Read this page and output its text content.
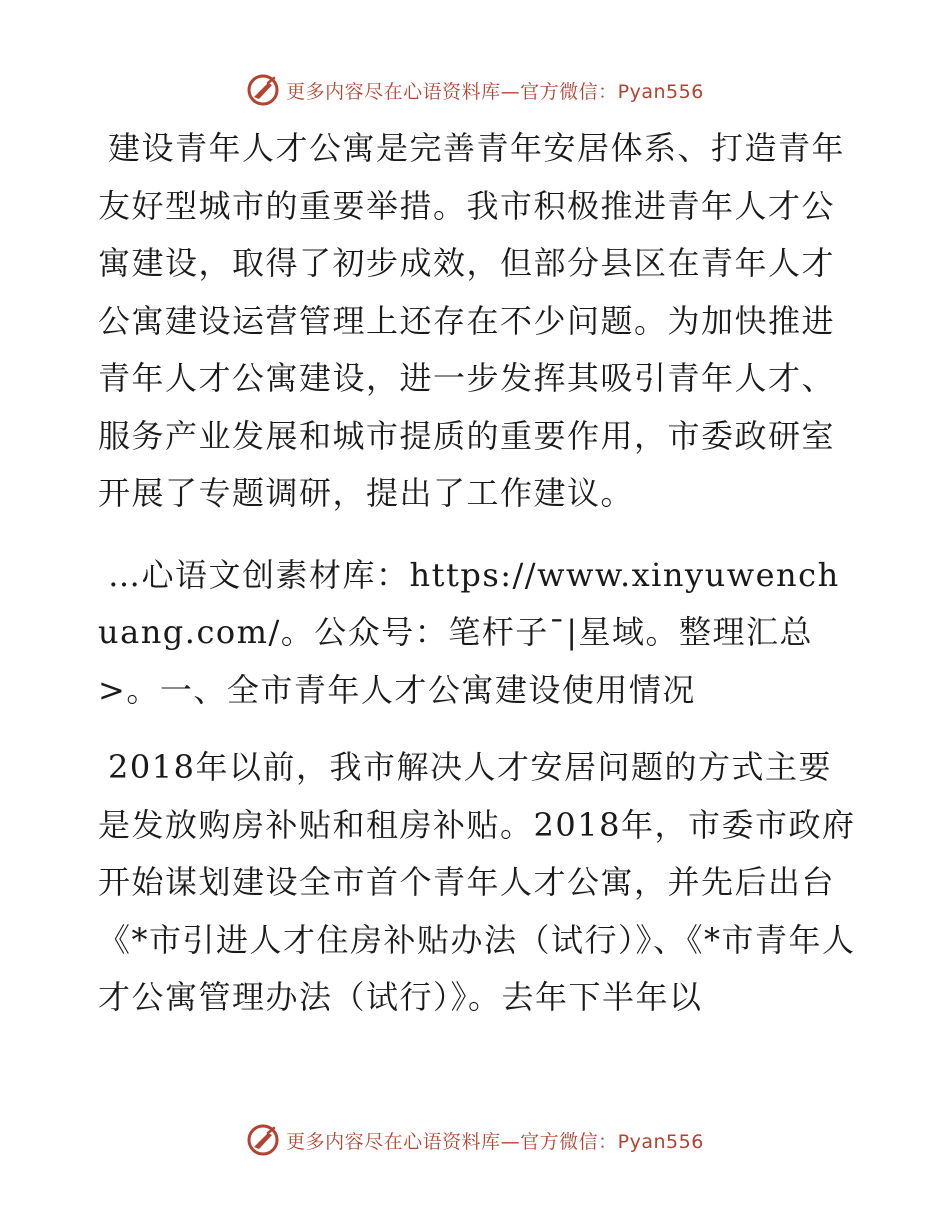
更多内容尽在心语资料库—官方微信：Pyan556

建设青年人才公寓是完善青年安居体系、打造青年友好型城市的重要举措。我市积极推进青年人才公寓建设，取得了初步成效，但部分县区在青年人才公寓建设运营管理上还存在不少问题。为加快推进青年人才公寓建设，进一步发挥其吸引青年人才、服务产业发展和城市提质的重要作用，市委政研室开展了专题调研，提出了工作建议。

…心语文创素材库：https://www.xinyuwenchuang.com/。公众号：笔杆子¯|星域。整理汇总>。一、全市青年人才公寓建设使用情况

2018年以前，我市解决人才安居问题的方式主要是发放购房补贴和租房补贴。2018年，市委市政府开始谋划建设全市首个青年人才公寓，并先后出台《*市引进人才住房补贴办法（试行）》、《*市青年人才公寓管理办法（试行）》。去年下半年以

更多内容尽在心语资料库—官方微信：Pyan556
